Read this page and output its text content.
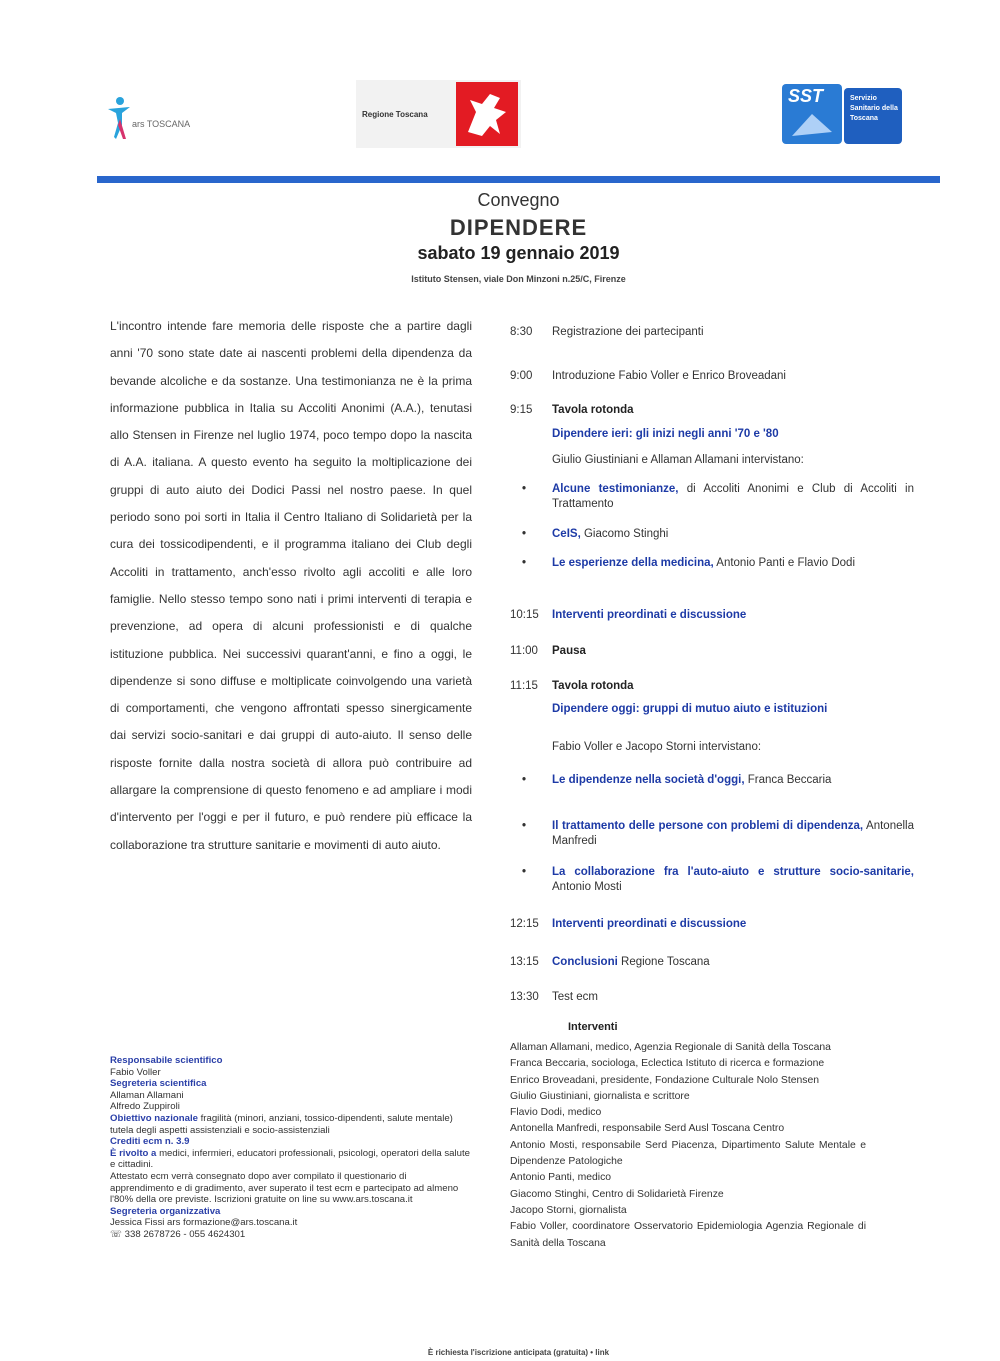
ars TOSCANA
Regione Toscana
SST	Servizio Sanitario della Toscana
Convegno
DIPENDERE
sabato 19 gennaio 2019
Istituto Stensen, viale Don Minzoni n.25/C, Firenze
L'incontro intende fare memoria delle risposte che a partire dagli anni '70 sono state date ai nascenti problemi della dipendenza da bevande alcoliche e da sostanze. Una testimonianza ne è la prima informazione pubblica in Italia su Accoliti Anonimi (A.A.), tenutasi allo Stensen in Firenze nel luglio 1974, poco tempo dopo la nascita di A.A. italiana. A questo evento ha seguito la moltiplicazione dei gruppi di auto aiuto dei Dodici Passi nel nostro paese. In quel periodo sono poi sorti in Italia il Centro Italiano di Solidarietà per la cura dei tossicodipendenti, e il programma italiano dei Club degli Accoliti in trattamento, anch'esso rivolto agli accoliti e alle loro famiglie. Nello stesso tempo sono nati i primi interventi di terapia e prevenzione, ad opera di alcuni professionisti e di qualche istituzione pubblica. Nei successivi quarant'anni, e fino a oggi, le dipendenze si sono diffuse e moltiplicate coinvolgendo una varietà di comportamenti, che vengono affrontati spesso sinergicamente dai servizi socio-sanitari e dai gruppi di auto-aiuto. Il senso delle risposte fornite dalla nostra società di allora può contribuire ad allargare la comprensione di questo fenomeno e ad ampliare i modi d'intervento per l'oggi e per il futuro, e può rendere più efficace la collaborazione tra strutture sanitarie e movimenti di auto aiuto.
Responsabile scientifico
Fabio Voller
Segreteria scientifica
Allaman Allamani
Alfredo Zuppiroli
Obiettivo nazionale fragilità (minori, anziani, tossico-dipendenti, salute mentale) tutela degli aspetti assistenziali e socio-assistenziali
Crediti ecm n. 3.9
È rivolto a medici, infermieri, educatori professionali, psicologi, operatori della salute e cittadini.
Attestato ecm verrà consegnato dopo aver compilato il questionario di apprendimento e di gradimento, aver superato il test ecm e partecipato ad almeno l'80% della ore previste. Iscrizioni gratuite on line su www.ars.toscana.it
Segreteria organizzativa
Jessica Fissi ars formazione@ars.toscana.it
☏ 338 2678726 - 055 4624301
8:30 Registrazione dei partecipanti
9:00 Introduzione Fabio Voller e Enrico Broveadani
9:15 Tavola rotonda
Dipendere ieri: gli inizi negli anni '70 e '80
Giulio Giustiniani e Allaman Allamani intervistano:
• Alcune testimonianze, di Accoliti Anonimi e Club di Accoliti in Trattamento
• CeIS, Giacomo Stinghi
• Le esperienze della medicina, Antonio Panti e Flavio Dodi
10:15 Interventi preordinati e discussione
11:00 Pausa
11:15 Tavola rotonda
Dipendere oggi: gruppi di mutuo aiuto e istituzioni
Fabio Voller e Jacopo Storni intervistano:
• Le dipendenze nella società d'oggi, Franca Beccaria
• Il trattamento delle persone con problemi di dipendenza, Antonella Manfredi
• La collaborazione fra l'auto-aiuto e strutture socio-sanitarie, Antonio Mosti
12:15 Interventi preordinati e discussione
13:15 Conclusioni Regione Toscana
13:30 Test ecm
Interventi
Allaman Allamani, medico, Agenzia Regionale di Sanità della Toscana
Franca Beccaria, sociologa, Eclectica Istituto di ricerca e formazione
Enrico Broveadani, presidente, Fondazione Culturale Nolo Stensen
Giulio Giustiniani, giornalista e scrittore
Flavio Dodi, medico
Antonella Manfredi, responsabile Serd Ausl Toscana Centro
Antonio Mosti, responsabile Serd Piacenza, Dipartimento Salute Mentale e Dipendenze Patologiche
Antonio Panti, medico
Giacomo Stinghi, Centro di Solidarietà Firenze
Jacopo Storni, giornalista
Fabio Voller, coordinatore Osservatorio Epidemiologia Agenzia Regionale di Sanità della Toscana
È richiesta l'iscrizione anticipata (gratuita) • link
